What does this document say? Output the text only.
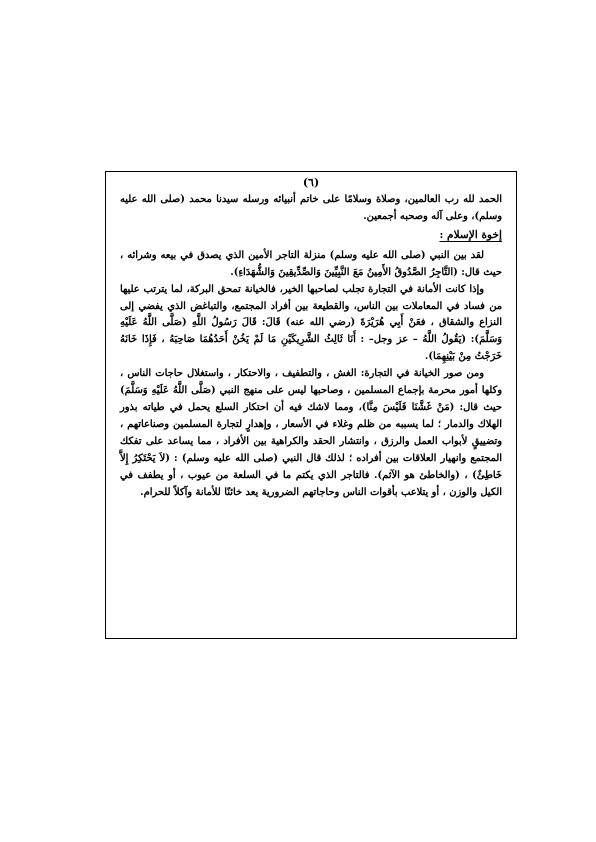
(٦)

الحمد لله رب العالمين، وصلاة وسلامًا على خاتم أنبيائه ورسله سيدنا محمد (صلى الله عليه وسلم)، وعلى آله وصحبه أجمعين.

إخوة الإسلام :

لقد بين النبي (صلى الله عليه وسلم) منزلة التاجر الأمين الذي يصدق في بيعه وشرائه ، حيث قال: (التَّاجِرُ الصَّدُوقُ الأَمِينُ مَعَ النَّبِيِّينَ وَالصِّدِّيقِينَ وَالشُّهَدَاءِ).

وإذا كانت الأمانة في التجارة تجلب لصاحبها الخير، فالخيانة تمحق البركة، لما يترتب عليها من فساد في المعاملات بين الناس، والقطيعة بين أفراد المجتمع، والتباغض الذي يفضي إلى النزاع والشقاق ، فعَنْ أَبِي هُرَيْرَةَ (رضي الله عنه) قَالَ: قَالَ رَسُولُ اللَّهِ (صَلَّى اللَّهُ عَلَيْهِ وَسَلَّمَ): (يَقُولُ اللَّهُ – عز وجل– : أَنَا ثَالِثُ الشَّرِيكَيْنِ مَا لَمْ يَخُنْ أَحَدُهُمَا صَاحِبَهُ ، فَإِذَا خَانَهُ خَرَجْتُ مِنْ بَيْنِهِمَا).

ومن صور الخيانة في التجارة: الغش ، والتطفيف ، والاحتكار ، واستغلال حاجات الناس ، وكلها أمور محرمة بإجماع المسلمين ، وصاحبها ليس على منهج النبي (صَلَّى اللَّهُ عَلَيْهِ وَسَلَّمَ) حيث قال: (مَنْ غَشَّنَا فَلَيْسَ مِنَّا)، ومما لاشك فيه أن احتكار السلع يحمل في طياته بذور الهلاك والدمار ؛ لما يسببه من ظلم وغلاء في الأسعار ، وإهدارٍ لتجارة المسلمين وصناعاتهم ، وتضييقٍ لأبواب العمل والرزق ، وانتشار الحقد والكراهية بين الأفراد ، مما يساعد على تفكك المجتمع وانهيار العلاقات بين أفراده ؛ لذلك قال النبي (صلى الله عليه وسلم) : (لاَ يَحْتَكِرُ إِلاَّ خَاطِئٌ) ، (والخاطئ هو الآثم). فالتاجر الذي يكتم ما في السلعة من عيوب ، أو يطفف في الكيل والوزن ، أو يتلاعب بأقوات الناس وحاجاتهم الضرورية يعد خائنًا للأمانة وآكلاً للحرام.
